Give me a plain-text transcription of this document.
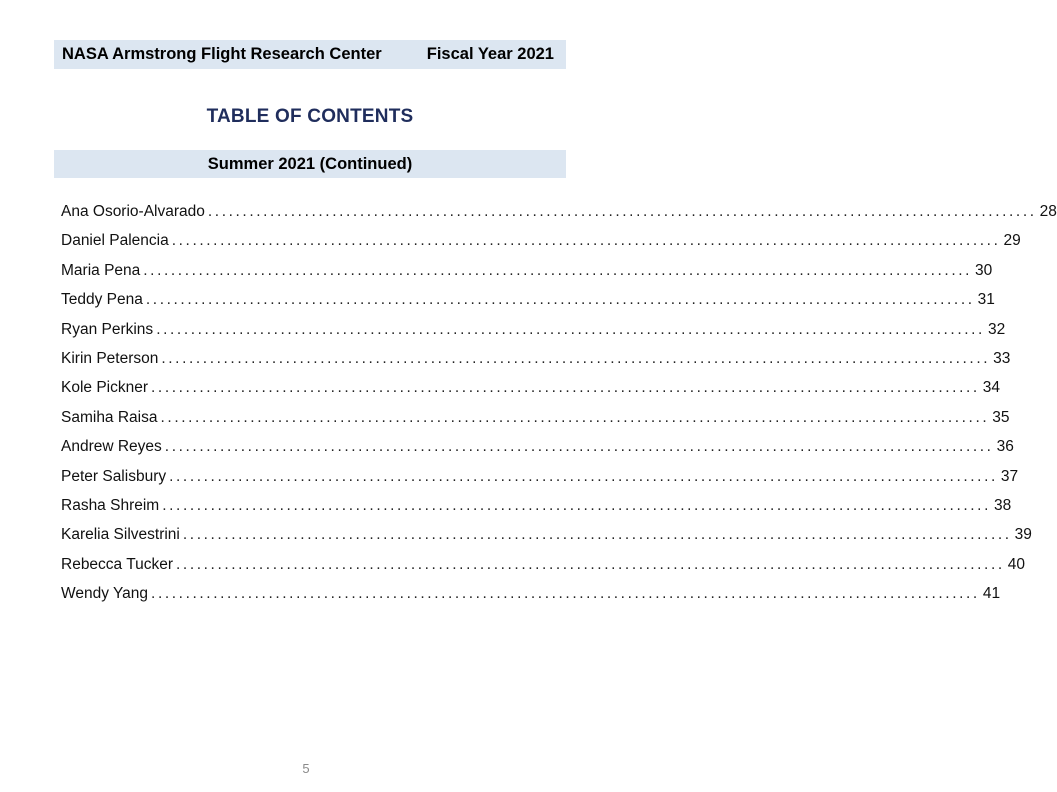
NASA Armstrong Flight Research Center	Fiscal Year 2021
TABLE OF CONTENTS
Summer 2021 (Continued)
Ana Osorio-Alvarado ........................................................................................................................ 28
Daniel Palencia ........................................................................................................................ 29
Maria Pena ........................................................................................................................ 30
Teddy Pena ........................................................................................................................ 31
Ryan Perkins ........................................................................................................................ 32
Kirin Peterson ........................................................................................................................ 33
Kole Pickner ........................................................................................................................ 34
Samiha Raisa ........................................................................................................................ 35
Andrew Reyes ........................................................................................................................ 36
Peter Salisbury ........................................................................................................................ 37
Rasha Shreim ........................................................................................................................ 38
Karelia Silvestrini ........................................................................................................................ 39
Rebecca Tucker ........................................................................................................................ 40
Wendy Yang ........................................................................................................................ 41
5
